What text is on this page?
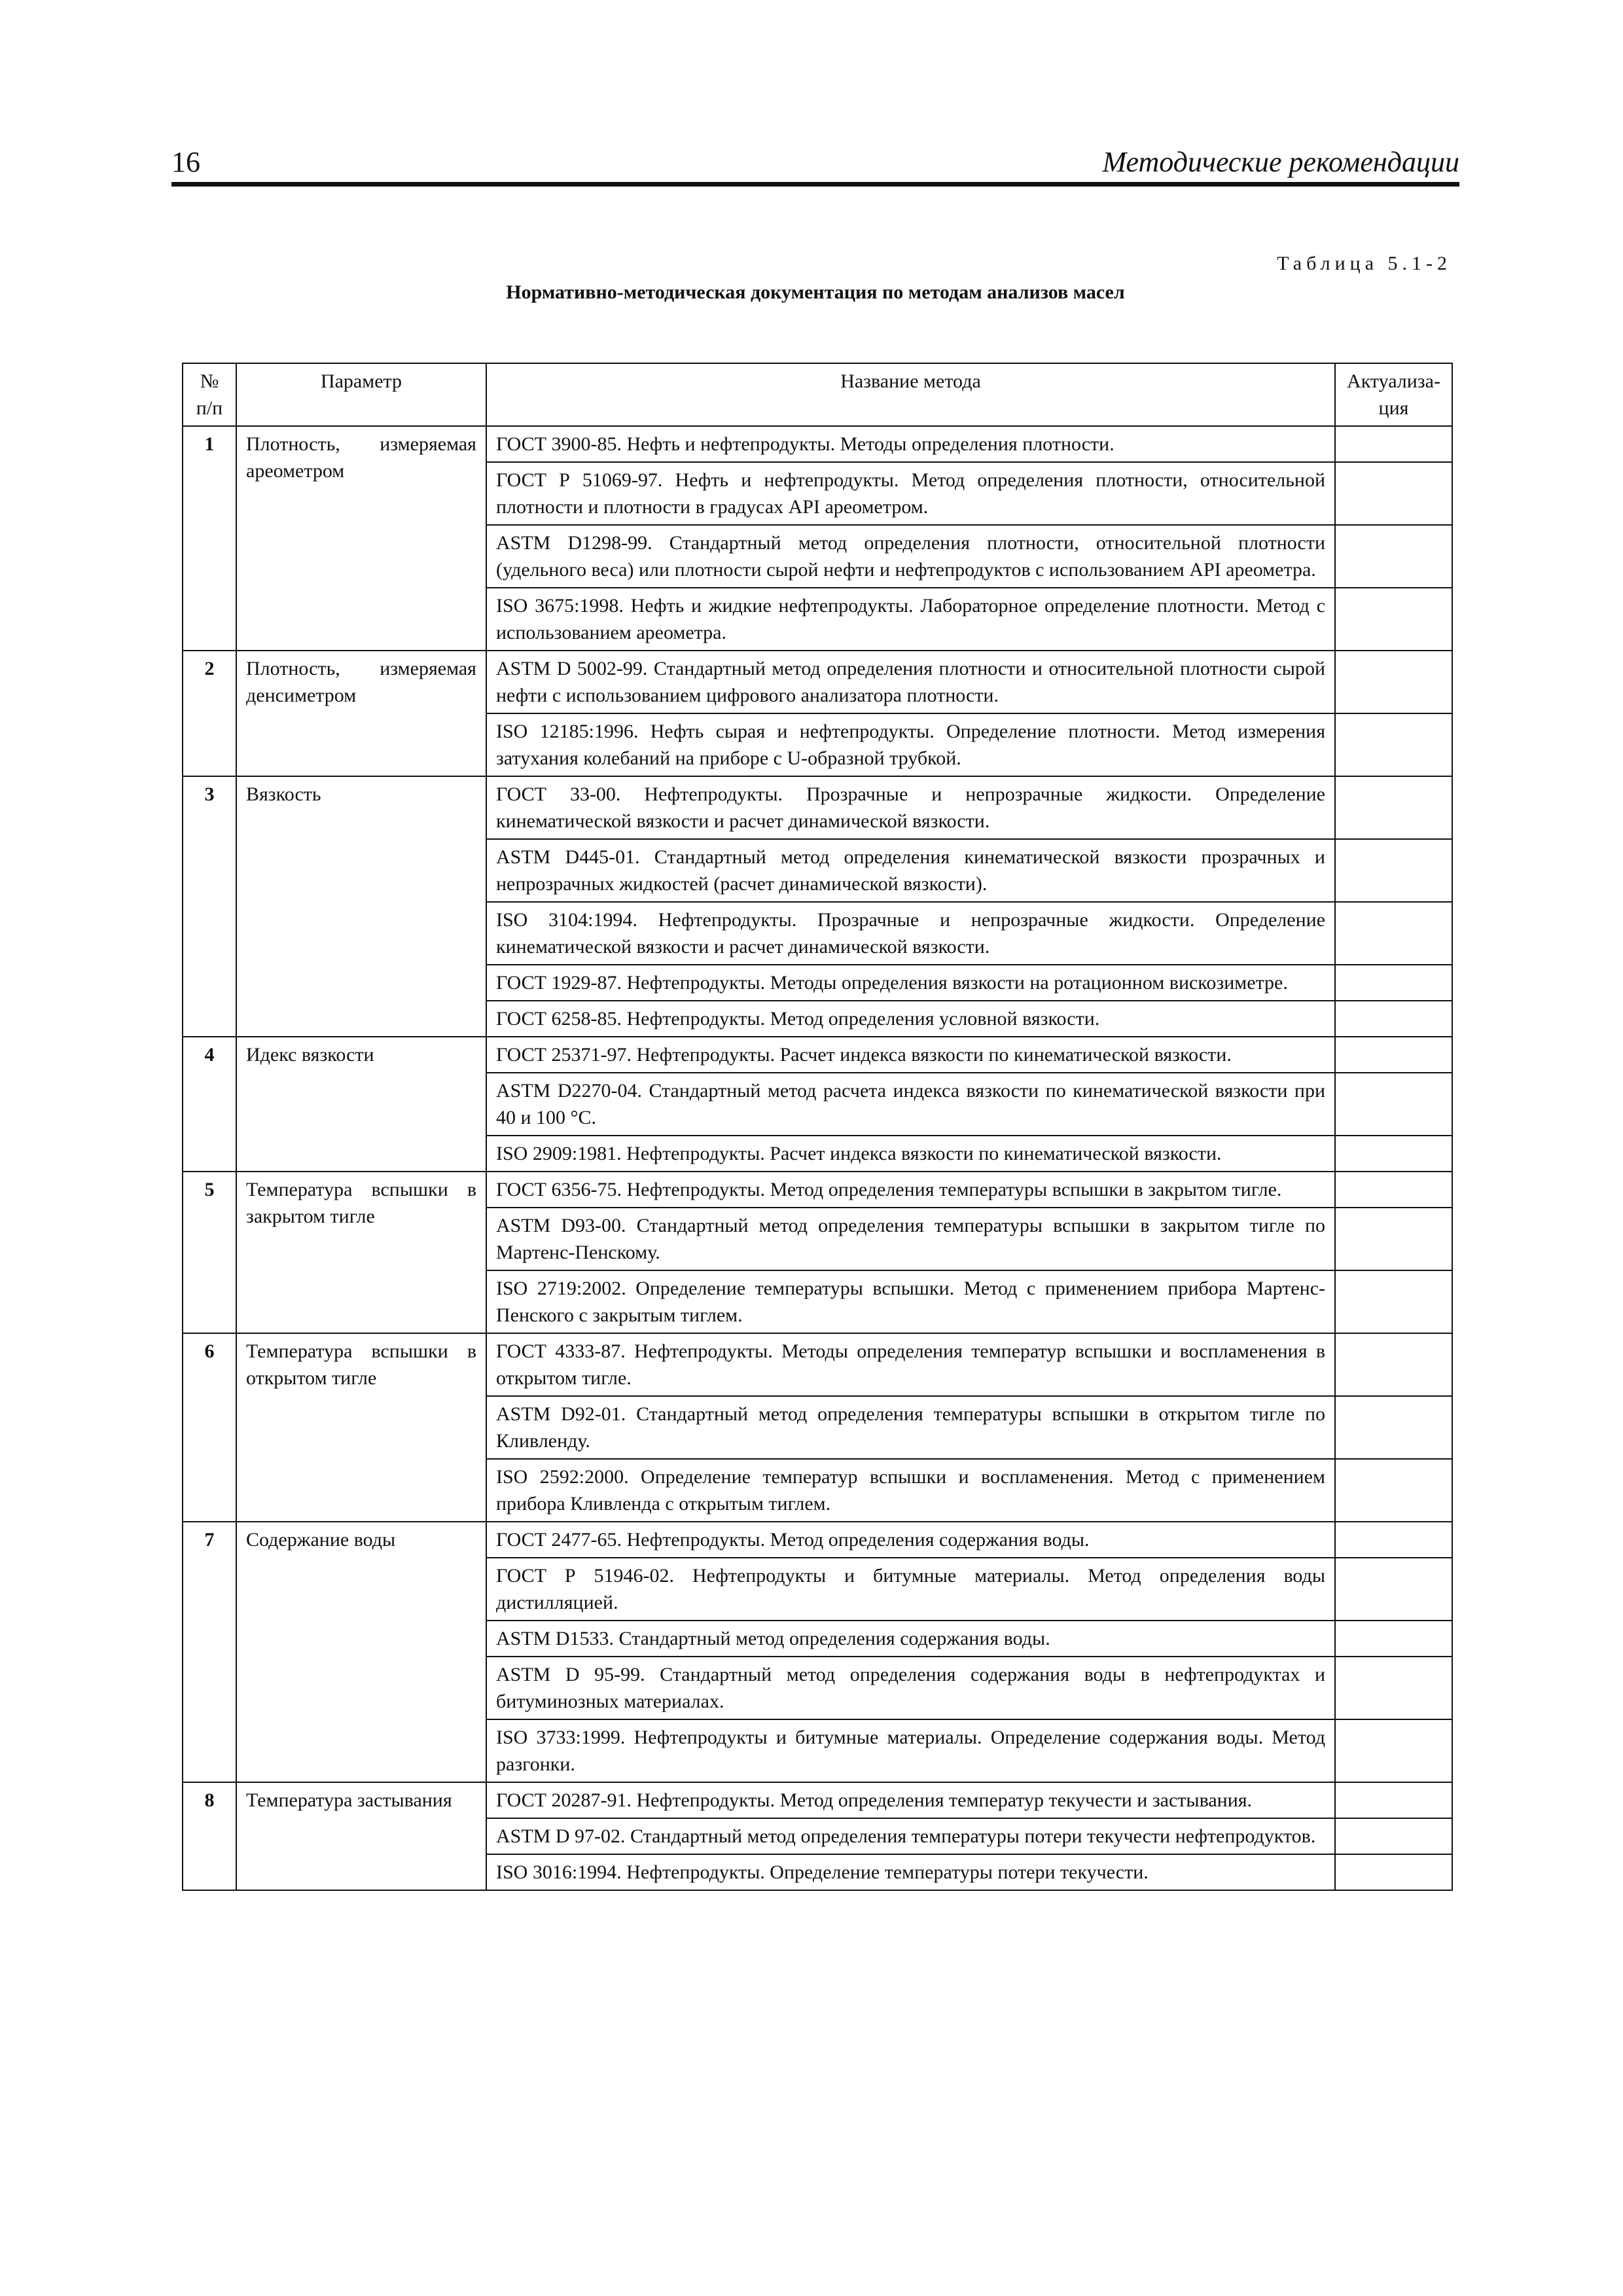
16	Методические рекомендации
Таблица 5.1-2
Нормативно-методическая документация по методам анализов масел
№ п/п	Параметр	Название метода	Актуализа- ция
1	Плотность, измеряемая ареометром	ГОСТ 3900-85. Нефть и нефтепродукты. Методы определения плотности.	
		ГОСТ Р 51069-97. Нефть и нефтепродукты. Метод определения плотности, относительной плотности и плотности в градусах API ареометром.	
		ASTM D1298-99. Стандартный метод определения плотности, относительной плотности (удельного веса) или плотности сырой нефти и нефтепродуктов с использованием API ареометра.	
		ISO 3675:1998. Нефть и жидкие нефтепродукты. Лабораторное определение плотности. Метод с использованием ареометра.	
2	Плотность, измеряемая денсиметром	ASTM D 5002-99. Стандартный метод определения плотности и относительной плотности сырой нефти с использованием цифрового анализатора плотности.	
		ISO 12185:1996. Нефть сырая и нефтепродукты. Определение плотности. Метод измерения затухания колебаний на приборе с U-образной трубкой.	
3	Вязкость	ГОСТ 33-00. Нефтепродукты. Прозрачные и непрозрачные жидкости. Определение кинематической вязкости и расчет динамической вязкости.	
		ASTM D445-01. Стандартный метод определения кинематической вязкости прозрачных и непрозрачных жидкостей (расчет динамической вязкости).	
		ISO 3104:1994. Нефтепродукты. Прозрачные и непрозрачные жидкости. Определение кинематической вязкости и расчет динамической вязкости.	
		ГОСТ 1929-87. Нефтепродукты. Методы определения вязкости на ротационном вискозиметре.	
		ГОСТ 6258-85. Нефтепродукты. Метод определения условной вязкости.	
4	Идекс вязкости	ГОСТ 25371-97. Нефтепродукты. Расчет индекса вязкости по кинематической вязкости.	
		ASTM D2270-04. Стандартный метод расчета индекса вязкости по кинематической вязкости при 40 и 100 °С.	
		ISO 2909:1981. Нефтепродукты. Расчет индекса вязкости по кинематической вязкости.	
5	Температура вспышки в закрытом тигле	ГОСТ 6356-75. Нефтепродукты. Метод определения температуры вспышки в закрытом тигле.	
		ASTM D93-00. Стандартный метод определения температуры вспышки в закрытом тигле по Мартенс-Пенскому.	
		ISO 2719:2002. Определение температуры вспышки. Метод с применением прибора Мартенс-Пенского с закрытым тиглем.	
6	Температура вспышки в открытом тигле	ГОСТ 4333-87. Нефтепродукты. Методы определения температур вспышки и воспламенения в открытом тигле.	
		ASTM D92-01. Стандартный метод определения температуры вспышки в открытом тигле по Кливленду.	
		ISO 2592:2000. Определение температур вспышки и воспламенения. Метод с применением прибора Кливленда с открытым тиглем.	
7	Содержание воды	ГОСТ 2477-65. Нефтепродукты. Метод определения содержания воды.	
		ГОСТ Р 51946-02. Нефтепродукты и битумные материалы. Метод определения воды дистилляцией.	
		ASTM D1533. Стандартный метод определения содержания воды.	
		ASTM D 95-99. Стандартный метод определения содержания воды в нефтепродуктах и битуминозных материалах.	
		ISO 3733:1999. Нефтепродукты и битумные материалы. Определение содержания воды. Метод разгонки.	
8	Температура застывания	ГОСТ 20287-91. Нефтепродукты. Метод определения температур текучести и застывания.	
		ASTM D 97-02. Стандартный метод определения температуры потери текучести нефтепродуктов.	
		ISO 3016:1994. Нефтепродукты. Определение температуры потери текучести.	
